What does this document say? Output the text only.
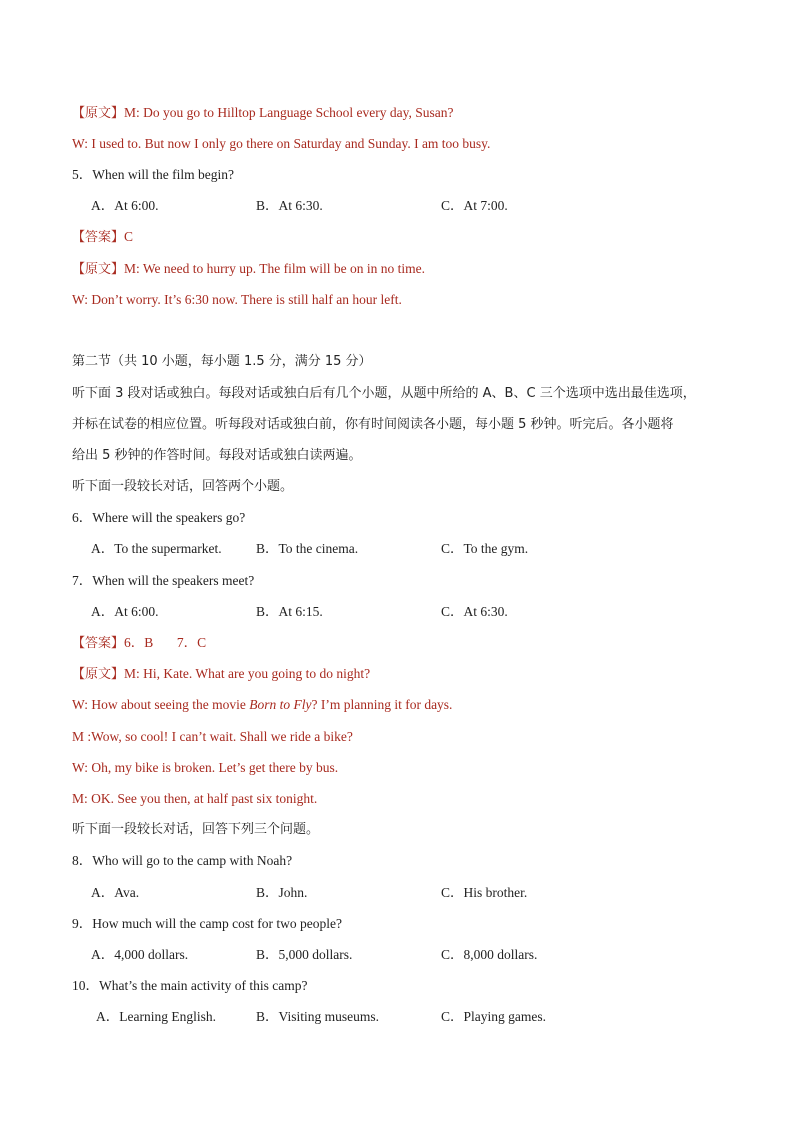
【原文】M: Do you go to Hilltop Language School every day, Susan?
W: I used to. But now I only go there on Saturday and Sunday. I am too busy.
5．When will the film begin?
A．At 6:00.	B．At 6:30.	C．At 7:00.
【答案】C
【原文】M: We need to hurry up. The film will be on in no time.
W: Don’t worry. It’s 6:30 now. There is still half an hour left.
第二节（共 10 小题，每小题 1.5 分，满分 15 分）
听下面 3 段对话或独白。每段对话或独白后有几个小题，从题中所给的 A、B、C 三个选项中选出最佳选项，
并标在试卷的相应位置。听每段对话或独白前，你有时间阅读各小题，每小题 5 秒钟。听完后。各小题将
给出 5 秒钟的作答时间。每段对话或独白读两遍。
听下面一段较长对话，回答两个小题。
6．Where will the speakers go?
A．To the supermarket.	B．To the cinema.	C．To the gym.
7．When will the speakers meet?
A．At 6:00.	B．At 6:15.	C．At 6:30.
【答案】6．B       7．C
【原文】M: Hi, Kate. What are you going to do night?
W: How about seeing the movie Born to Fly? I’m planning it for days.
M :Wow, so cool! I can’t wait. Shall we ride a bike?
W: Oh, my bike is broken. Let’s get there by bus.
M: OK. See you then, at half past six tonight.
听下面一段较长对话，回答下列三个问题。
8．Who will go to the camp with Noah?
A．Ava.	B．John.	C．His brother.
9．How much will the camp cost for two people?
A．4,000 dollars.	B．5,000 dollars.	C．8,000 dollars.
10．What’s the main activity of this camp?
A．Learning English.	B．Visiting museums.	C．Playing games.
